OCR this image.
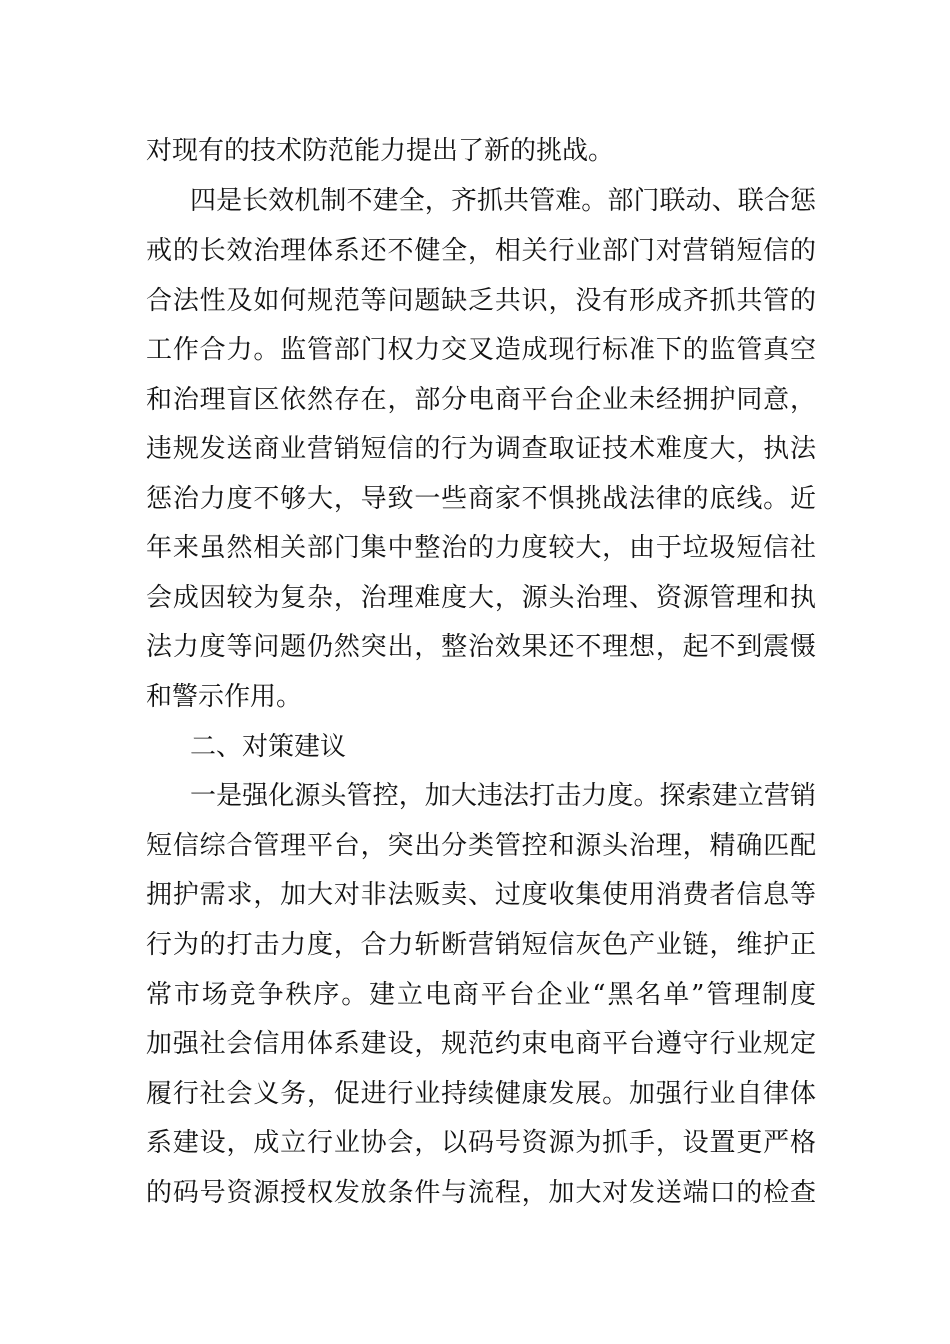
对现有的技术防范能力提出了新的挑战。
四是长效机制不建全，齐抓共管难。部门联动、联合惩
戒的长效治理体系还不健全，相关行业部门对营销短信的
合法性及如何规范等问题缺乏共识，没有形成齐抓共管的
工作合力。监管部门权力交叉造成现行标准下的监管真空
和治理盲区依然存在，部分电商平台企业未经拥护同意，
违规发送商业营销短信的行为调查取证技术难度大，执法
惩治力度不够大，导致一些商家不惧挑战法律的底线。近
年来虽然相关部门集中整治的力度较大，由于垃圾短信社
会成因较为复杂，治理难度大，源头治理、资源管理和执
法力度等问题仍然突出，整治效果还不理想，起不到震慑
和警示作用。
二、对策建议
一是强化源头管控，加大违法打击力度。探索建立营销
短信综合管理平台，突出分类管控和源头治理，精确匹配
拥护需求，加大对非法贩卖、过度收集使用消费者信息等
行为的打击力度，合力斩断营销短信灰色产业链，维护正
常市场竞争秩序。建立电商平台企业“黑名单”管理制度
加强社会信用体系建设，规范约束电商平台遵守行业规定
履行社会义务，促进行业持续健康发展。加强行业自律体
系建设，成立行业协会，以码号资源为抓手，设置更严格
的码号资源授权发放条件与流程，加大对发送端口的检查
